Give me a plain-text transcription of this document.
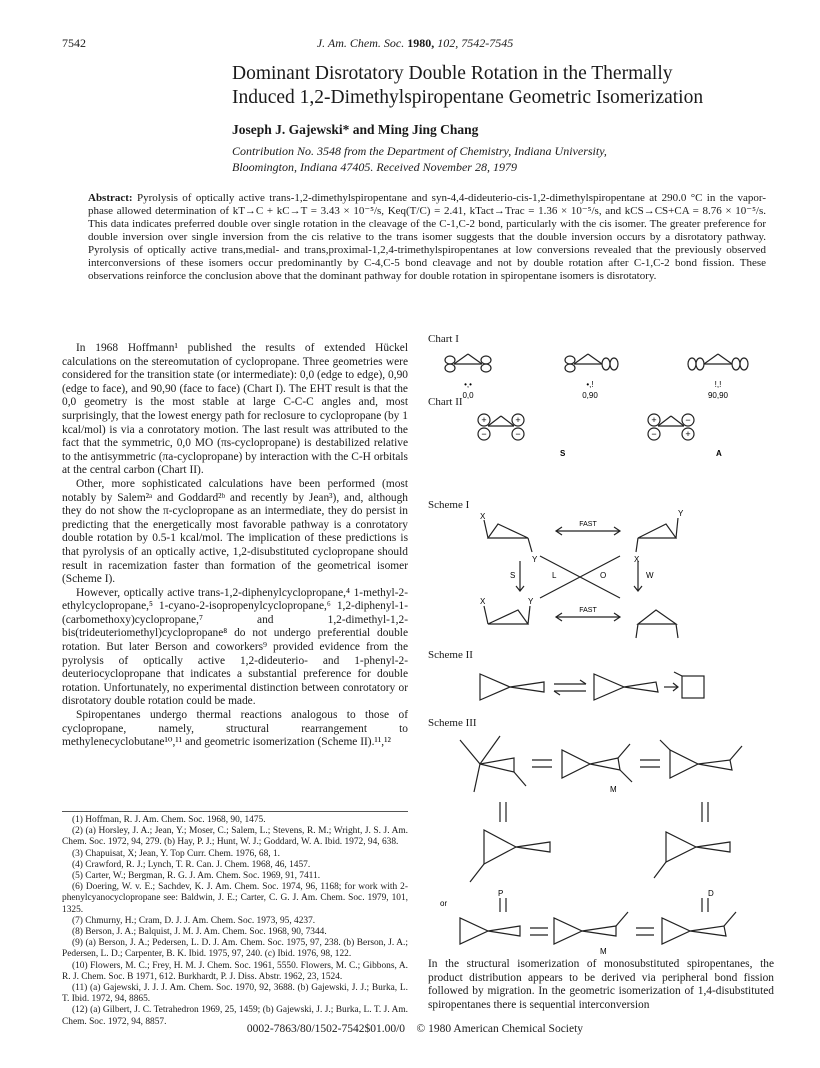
7542	J. Am. Chem. Soc. 1980, 102, 7542-7545
Dominant Disrotatory Double Rotation in the Thermally
Induced 1,2-Dimethylspiropentane Geometric Isomerization
Joseph J. Gajewski* and Ming Jing Chang
Contribution No. 3548 from the Department of Chemistry, Indiana University,
Bloomington, Indiana 47405. Received November 28, 1979
Abstract: Pyrolysis of optically active trans-1,2-dimethylspiropentane and syn-4,4-dideuterio-cis-1,2-dimethylspiropentane at 290.0 °C in the vapor-phase allowed determination of kT→C + kC→T = 3.43 × 10⁻⁵/s, Keq(T/C) = 2.41, kTact→Trac = 1.36 × 10⁻⁵/s, and kCS→CS+CA = 8.76 × 10⁻⁵/s. This data indicates preferred double over single rotation in the cleavage of the C-1,C-2 bond, particularly with the cis isomer. The greater preference for double inversion over single inversion from the cis relative to the trans isomer suggests that the double inversion occurs by a disrotatory pathway. Pyrolysis of optically active trans,medial- and trans,proximal-1,2,4-trimethylspiropentanes at low conversions revealed that the previously observed interconversions of these isomers occur predominantly by C-4,C-5 bond cleavage and not by double rotation after C-1,C-2 bond fission. These observations reinforce the conclusion above that the dominant pathway for double rotation in spiropentane isomers is disrotatory.

In 1968 Hoffmann¹ published the results of extended Hückel calculations on the stereomutation of cyclopropane. Three geometries were considered for the transition state (or intermediate): 0,0 (edge to edge), 0,90 (edge to face), and 90,90 (face to face) (Chart I). The EHT result is that the 0,0 geometry is the most stable at large C-C-C angles and, most surprisingly, that the lowest energy path for reclosure to cyclopropane (by 1 kcal/mol) is via a conrotatory motion. The last result was attributed to the fact that the symmetric, 0,0 MO (πs-cyclopropane) is destabilized relative to the antisymmetric (πa-cyclopropane) by interaction with the C-H orbitals at the central carbon (Chart II).

Other, more sophisticated calculations have been performed (most notably by Salem²ᵃ and Goddard²ᵇ and recently by Jean³), and, although they do not show the π-cyclopropane as an intermediate, they do persist in predicting that the energetically most favorable pathway is a conrotatory double rotation by 0.5-1 kcal/mol. The implication of these predictions is that pyrolysis of an optically active, 1,2-disubstituted cyclopropane should result in racemization faster than formation of the geometrical isomer (Scheme I).

However, optically active trans-1,2-diphenylcyclopropane,⁴ 1-methyl-2-ethylcyclopropane,⁵ 1-cyano-2-isopropenylcyclopropane,⁶ 1,2-diphenyl-1-(carbomethoxy)cyclopropane,⁷ and 1,2-dimethyl-1,2-bis(trideuteriomethyl)cyclopropane⁸ do not undergo preferential double rotation. But later Berson and coworkers⁹ provided evidence from the pyrolysis of optically active 1,2-dideuterio- and 1-phenyl-2-deuteriocyclopropane that indicates a substantial preference for double rotation. Unfortunately, no experimental distinction between conrotatory or disrotatory double rotation could be made.

Spiropentanes undergo thermal reactions analogous to those of cyclopropane, namely, structural rearrangement to methylenecyclobutane¹⁰,¹¹ and geometric isomerization (Scheme II).¹¹,¹²

(1) Hoffman, R. J. Am. Chem. Soc. 1968, 90, 1475.
(2) (a) Horsley, J. A.; Jean, Y.; Moser, C.; Salem, L.; Stevens, R. M.; Wright, J. S. J. Am. Chem. Soc. 1972, 94, 279. (b) Hay, P. J.; Hunt, W. J.; Goddard, W. A. Ibid. 1972, 94, 638.
(3) Chapuisat, X; Jean, Y. Top Curr. Chem. 1976, 68, 1.
(4) Crawford, R. J.; Lynch, T. R. Can. J. Chem. 1968, 46, 1457.
(5) Carter, W.; Bergman, R. G. J. Am. Chem. Soc. 1969, 91, 7411.
(6) Doering, W. v. E.; Sachdev, K. J. Am. Chem. Soc. 1974, 96, 1168; for work with 2-phenylcyanocyclopropane see: Baldwin, J. E.; Carter, C. G. J. Am. Chem. Soc. 1979, 101, 1325.
(7) Chmurny, H.; Cram, D. J. J. Am. Chem. Soc. 1973, 95, 4237.
(8) Berson, J. A.; Balquist, J. M. J. Am. Chem. Soc. 1968, 90, 7344.
(9) (a) Berson, J. A.; Pedersen, L. D. J. Am. Chem. Soc. 1975, 97, 238. (b) Berson, J. A.; Pedersen, L. D.; Carpenter, B. K. Ibid. 1975, 97, 240. (c) Ibid. 1976, 98, 122.
(10) Flowers, M. C.; Frey, H. M. J. Chem. Soc. 1961, 5550. Flowers, M. C.; Gibbons, A. R. J. Chem. Soc. B 1971, 612. Burkhardt, P. J. Diss. Abstr. 1962, 23, 1524.
(11) (a) Gajewski, J. J. J. Am. Chem. Soc. 1970, 92, 3688. (b) Gajewski, J. J.; Burka, L. T. Ibid. 1972, 94, 8865.
(12) (a) Gilbert, J. C. Tetrahedron 1969, 25, 1459; (b) Gajewski, J. J.; Burka, L. T. J. Am. Chem. Soc. 1972, 94, 8857.

In the structural isomerization of monosubstituted spiropentanes, the product distribution appears to be derived via peripheral bond fission followed by migration. In the geometric isomerization of 1,4-disubstituted spiropentanes there is sequential interconversion

Chart I
•,•	•,!	!,!
0,0	0,90	90,90
Chart II
+
−
+
−
+
−
−
+
S	A
Scheme I
X
Y
FAST
X
Y
S	L	O	W
X	Y
FAST
Scheme II
Scheme III
M
P	D
or
M
0002-7863/80/1502-7542$01.00/0 © 1980 American Chemical Society
